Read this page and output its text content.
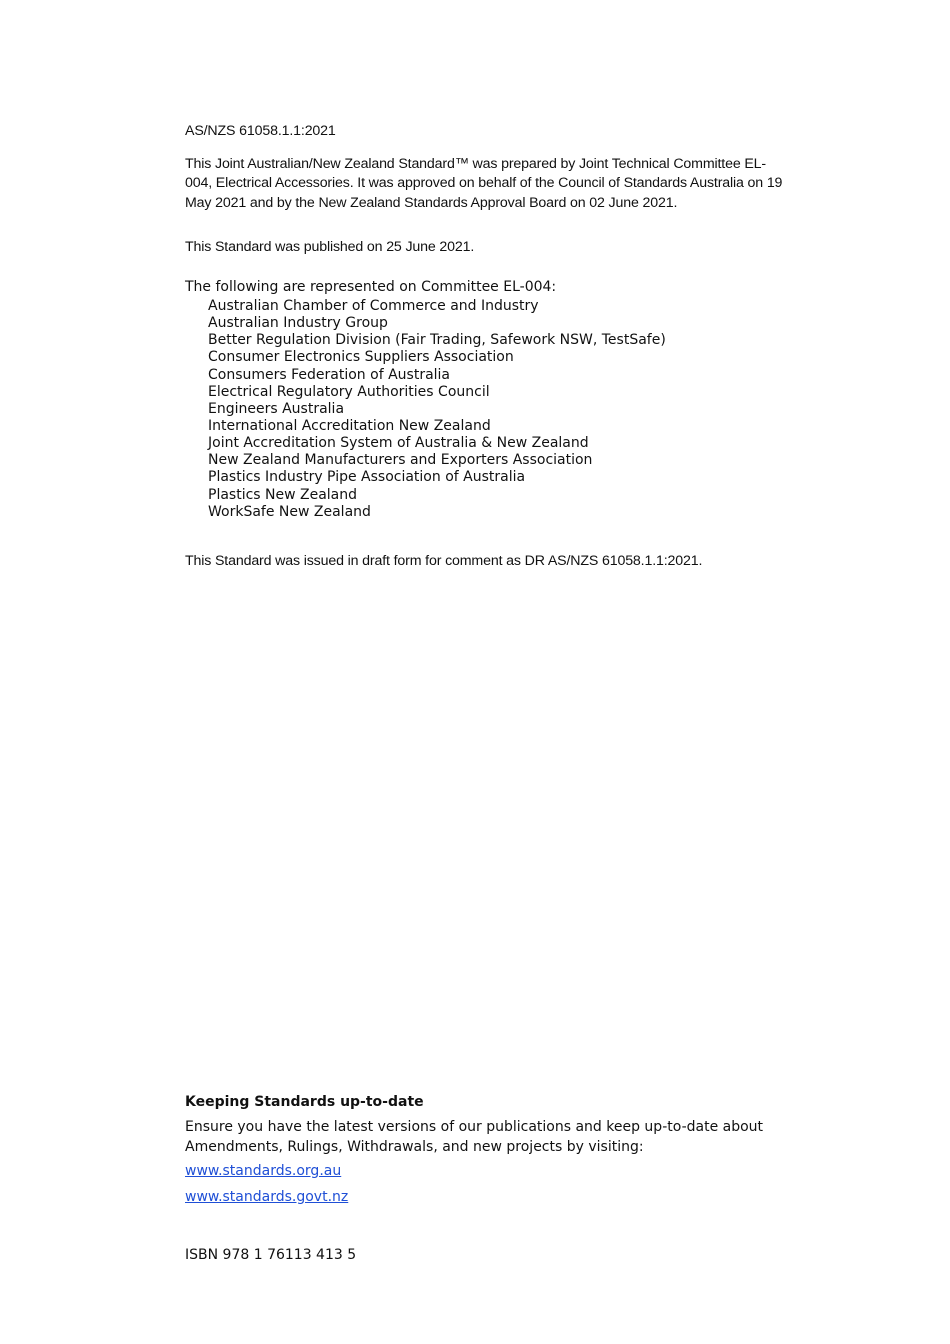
AS/NZS 61058.1.1:2021

This Joint Australian/New Zealand Standard™ was prepared by Joint Technical Committee EL-004, Electrical Accessories. It was approved on behalf of the Council of Standards Australia on 19 May 2021 and by the New Zealand Standards Approval Board on 02 June 2021.

This Standard was published on 25 June 2021.

The following are represented on Committee EL-004:

Australian Chamber of Commerce and Industry
Australian Industry Group
Better Regulation Division (Fair Trading, Safework NSW, TestSafe)
Consumer Electronics Suppliers Association
Consumers Federation of Australia
Electrical Regulatory Authorities Council
Engineers Australia
International Accreditation New Zealand
Joint Accreditation System of Australia & New Zealand
New Zealand Manufacturers and Exporters Association
Plastics Industry Pipe Association of Australia
Plastics New Zealand
WorkSafe New Zealand

This Standard was issued in draft form for comment as DR AS/NZS 61058.1.1:2021.

Keeping Standards up-to-date

Ensure you have the latest versions of our publications and keep up-to-date about Amendments, Rulings, Withdrawals, and new projects by visiting:

www.standards.org.au
www.standards.govt.nz

ISBN 978 1 76113 413 5
